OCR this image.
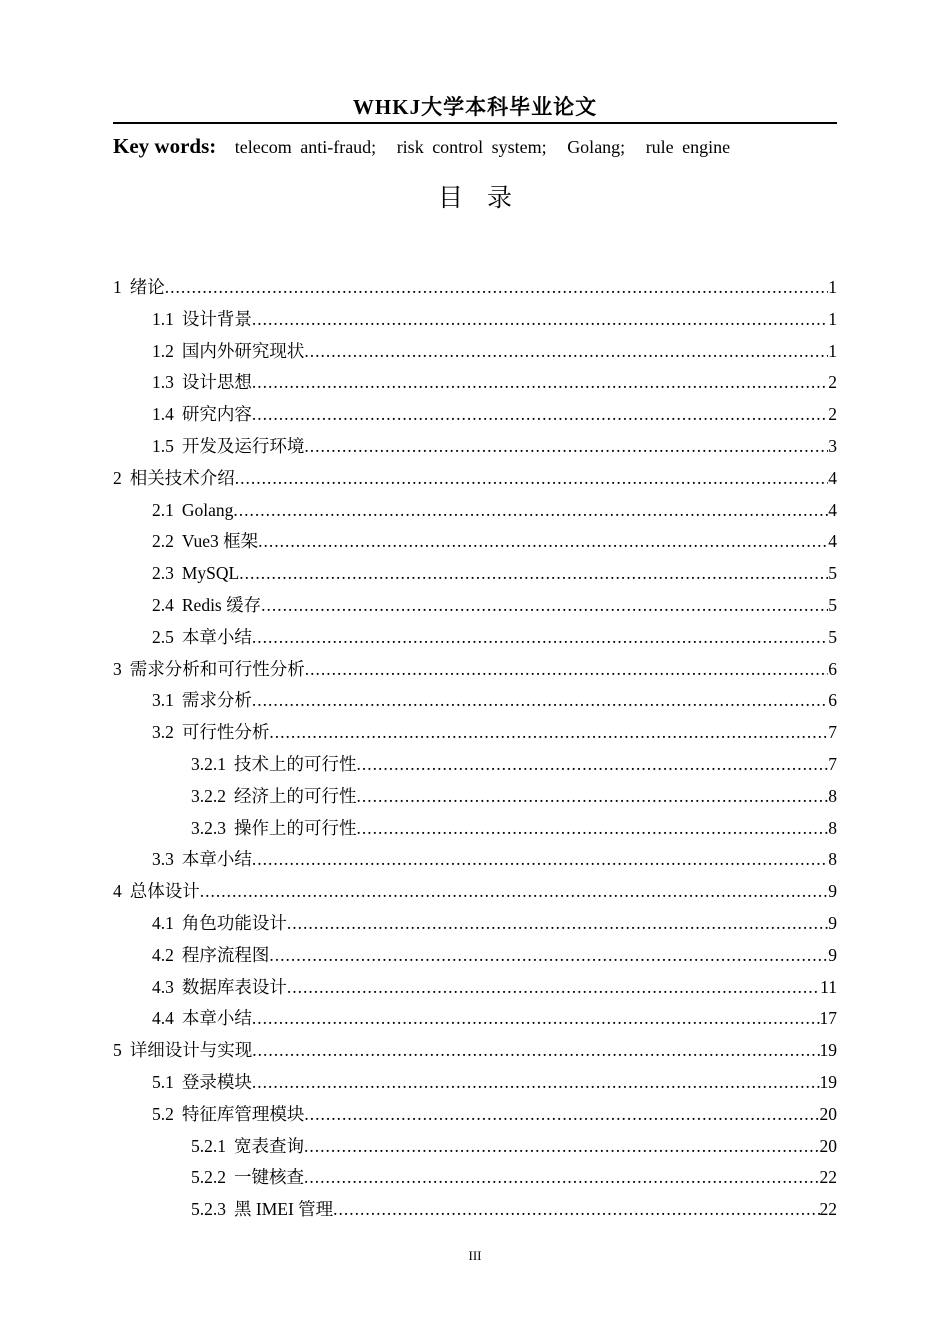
WHKJ大学本科毕业论文
Key words: telecom anti-fraud; risk control system; Golang; rule engine
目录
1 绪论 .....	1
1.1 设计背景 .....	1
1.2 国内外研究现状 .....	1
1.3 设计思想 .....	2
1.4 研究内容 .....	2
1.5 开发及运行环境 .....	3
2 相关技术介绍 .....	4
2.1 Golang .....	4
2.2 Vue3 框架 .....	4
2.3 MySQL .....	5
2.4 Redis 缓存 .....	5
2.5 本章小结 .....	5
3 需求分析和可行性分析 .....	6
3.1 需求分析 .....	6
3.2 可行性分析 .....	7
3.2.1 技术上的可行性 .....	7
3.2.2 经济上的可行性 .....	8
3.2.3 操作上的可行性 .....	8
3.3 本章小结 .....	8
4 总体设计 .....	9
4.1 角色功能设计 .....	9
4.2 程序流程图 .....	9
4.3 数据库表设计 .....	11
4.4 本章小结 .....	17
5 详细设计与实现 .....	19
5.1 登录模块 .....	19
5.2 特征库管理模块 .....	20
5.2.1 宽表查询 .....	20
5.2.2 一键核查 .....	22
5.2.3 黑 IMEI 管理 .....	22
III
